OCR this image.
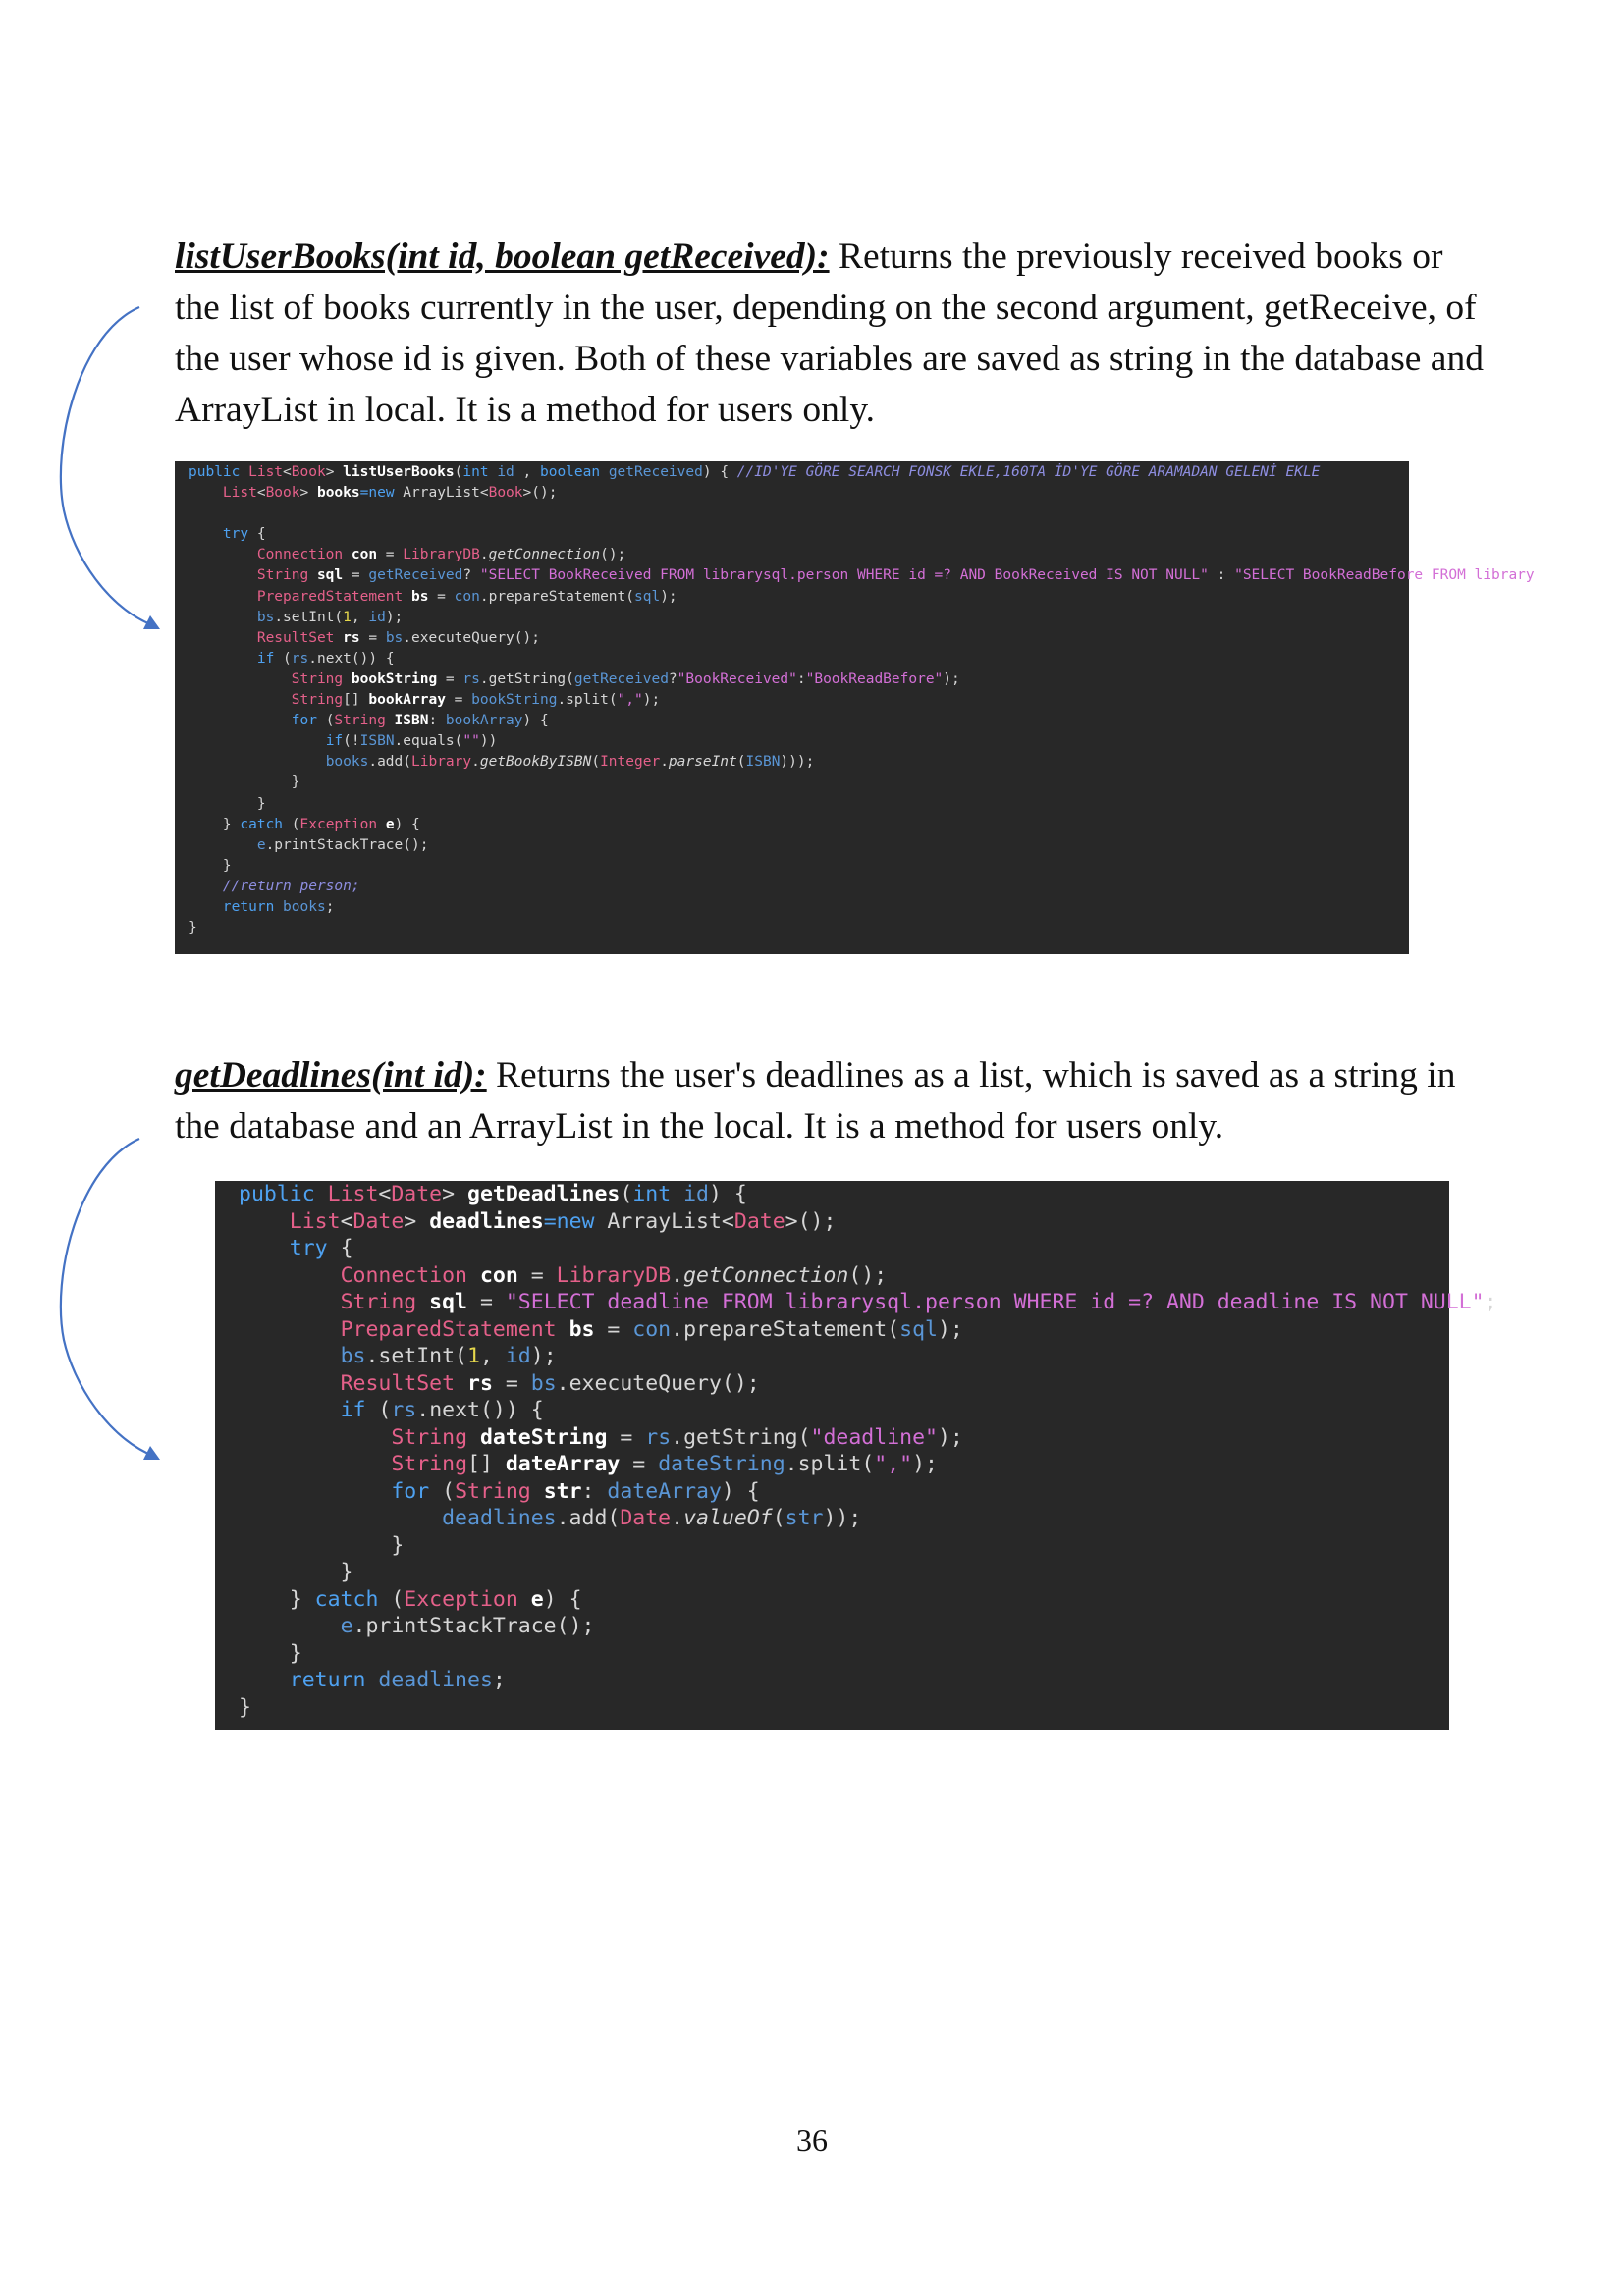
listUserBooks(int id, boolean getReceived): Returns the previously received books or the list of books currently in the user, depending on the second argument, getReceive, of the user whose id is given. Both of these variables are saved as string in the database and ArrayList in local. It is a method for users only.

public List<Book> listUserBooks(int id , boolean getReceived) { //ID'YE GÖRE SEARCH FONSK EKLE,160TA İD'YE GÖRE ARAMADAN GELENİ EKLE
List<Book> books=new ArrayList<Book>();

try {
Connection con = LibraryDB.getConnection();
String sql = getReceived? "SELECT BookReceived FROM librarysql.person WHERE id =? AND BookReceived IS NOT NULL" : "SELECT BookReadBefore FROM library
PreparedStatement bs = con.prepareStatement(sql);
bs.setInt(1, id);
ResultSet rs = bs.executeQuery();
if (rs.next()) {
String bookString = rs.getString(getReceived?"BookReceived":"BookReadBefore");
String[] bookArray = bookString.split(",");
for (String ISBN: bookArray) {
if(!ISBN.equals(""))
books.add(Library.getBookByISBN(Integer.parseInt(ISBN)));
}
}
} catch (Exception e) {
e.printStackTrace();
}
//return person;
return books;
}

getDeadlines(int id): Returns the user's deadlines as a list, which is saved as a string in the database and an ArrayList in the local. It is a method for users only.

public List<Date> getDeadlines(int id) {
List<Date> deadlines=new ArrayList<Date>();
try {
Connection con = LibraryDB.getConnection();
String sql = "SELECT deadline FROM librarysql.person WHERE id =? AND deadline IS NOT NULL";
PreparedStatement bs = con.prepareStatement(sql);
bs.setInt(1, id);
ResultSet rs = bs.executeQuery();
if (rs.next()) {
String dateString = rs.getString("deadline");
String[] dateArray = dateString.split(",");
for (String str: dateArray) {
deadlines.add(Date.valueOf(str));
}
}
} catch (Exception e) {
e.printStackTrace();
}
return deadlines;
}
36
